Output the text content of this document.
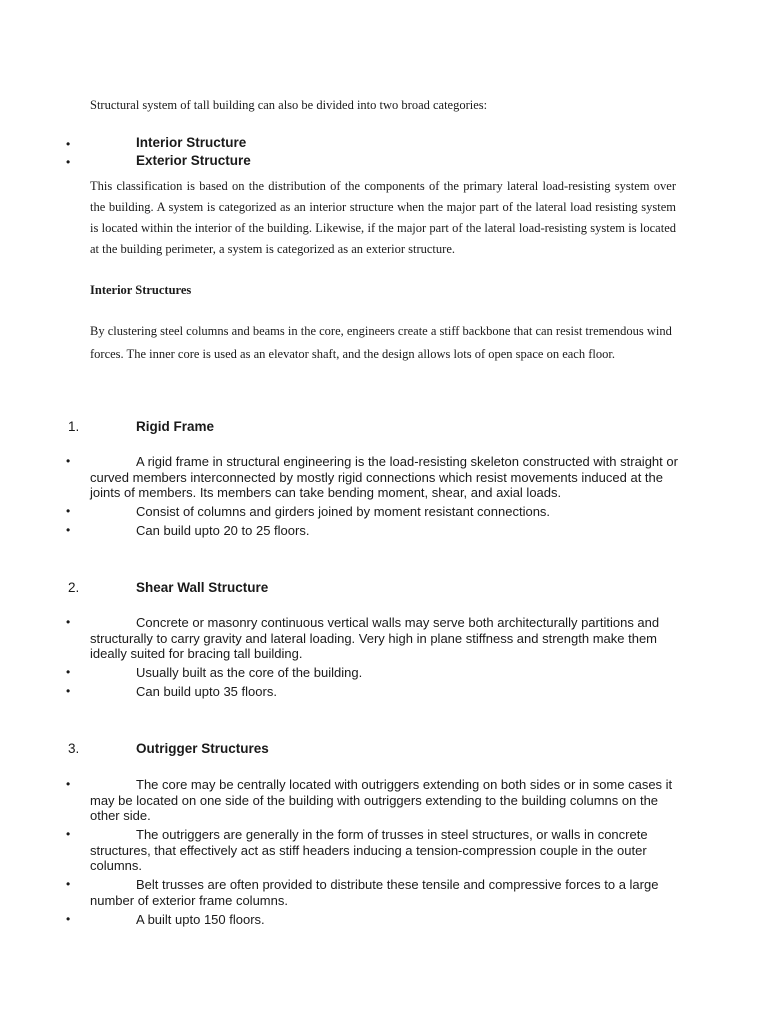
Structural system of tall building can also be divided into two broad categories:
•	Interior Structure
•	Exterior Structure
This classification is based on the distribution of the components of the primary lateral load-resisting system over the building. A system is categorized as an interior structure when the major part of the lateral load resisting system is located within the interior of the building. Likewise, if the major part of the lateral load-resisting system is located at the building perimeter, a system is categorized as an exterior structure.
Interior Structures
By clustering steel columns and beams in the core, engineers create a stiff backbone that can resist tremendous wind forces. The inner core is used as an elevator shaft, and the design allows lots of open space on each floor.
1.	Rigid Frame
•	A rigid frame in structural engineering is the load-resisting skeleton constructed with straight or curved members interconnected by mostly rigid connections which resist movements induced at the joints of members. Its members can take bending moment, shear, and axial loads.
•	Consist of columns and girders joined by moment resistant connections.
•	Can build upto 20 to 25 floors.
2.	Shear Wall Structure
•	Concrete or masonry continuous vertical walls may serve both architecturally partitions and structurally to carry gravity and lateral loading. Very high in plane stiffness and strength make them ideally suited for bracing tall building.
•	Usually built as the core of the building.
•	Can build upto 35 floors.
3.	Outrigger Structures
•	The core may be centrally located with outriggers extending on both sides or in some cases it may be located on one side of the building with outriggers extending to the building columns on the other side.
•	The outriggers are generally in the form of trusses in steel structures, or walls in concrete structures, that effectively act as stiff headers inducing a tension-compression couple in the outer columns.
•	Belt trusses are often provided to distribute these tensile and compressive forces to a large number of exterior frame columns.
•	A built upto 150 floors.
